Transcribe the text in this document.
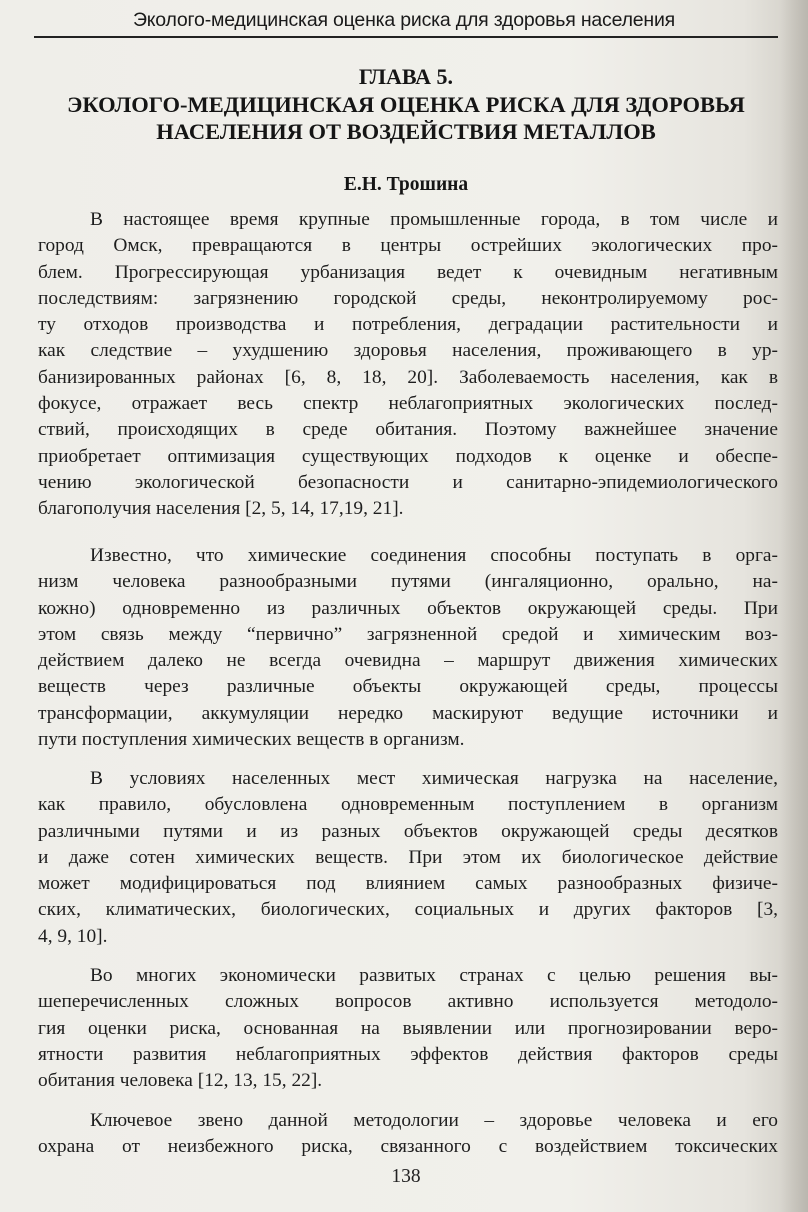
Эколого-медицинская оценка риска для здоровья населения
ГЛАВА 5.
ЭКОЛОГО-МЕДИЦИНСКАЯ ОЦЕНКА РИСКА ДЛЯ ЗДОРОВЬЯ
НАСЕЛЕНИЯ ОТ ВОЗДЕЙСТВИЯ МЕТАЛЛОВ
Е.Н. Трошина
В настоящее время крупные промышленные города, в том числе и
город Омск, превращаются в центры острейших экологических про-
блем. Прогрессирующая урбанизация ведет к очевидным негативным
последствиям: загрязнению городской среды, неконтролируемому рос-
ту отходов производства и потребления, деградации растительности и
как следствие – ухудшению здоровья населения, проживающего в ур-
банизированных районах [6, 8, 18, 20]. Заболеваемость населения, как в
фокусе, отражает весь спектр неблагоприятных экологических послед-
ствий, происходящих в среде обитания. Поэтому важнейшее значение
приобретает оптимизация существующих подходов к оценке и обеспе-
чению экологической безопасности и санитарно-эпидемиологического
благополучия населения [2, 5, 14, 17,19, 21].
Известно, что химические соединения способны поступать в орга-
низм человека разнообразными путями (ингаляционно, орально, на-
кожно) одновременно из различных объектов окружающей среды. При
этом связь между “первично” загрязненной средой и химическим воз-
действием далеко не всегда очевидна – маршрут движения химических
веществ через различные объекты окружающей среды, процессы
трансформации, аккумуляции нередко маскируют ведущие источники и
пути поступления химических веществ в организм.
В условиях населенных мест химическая нагрузка на население,
как правило, обусловлена одновременным поступлением в организм
различными путями и из разных объектов окружающей среды десятков
и даже сотен химических веществ. При этом их биологическое действие
может модифицироваться под влиянием самых разнообразных физиче-
ских, климатических, биологических, социальных и других факторов [3,
4, 9, 10].
Во многих экономически развитых странах с целью решения вы-
шеперечисленных сложных вопросов активно используется методоло-
гия оценки риска, основанная на выявлении или прогнозировании веро-
ятности развития неблагоприятных эффектов действия факторов среды
обитания человека [12, 13, 15, 22].
Ключевое звено данной методологии – здоровье человека и его
охрана от неизбежного риска, связанного с воздействием токсических
138
